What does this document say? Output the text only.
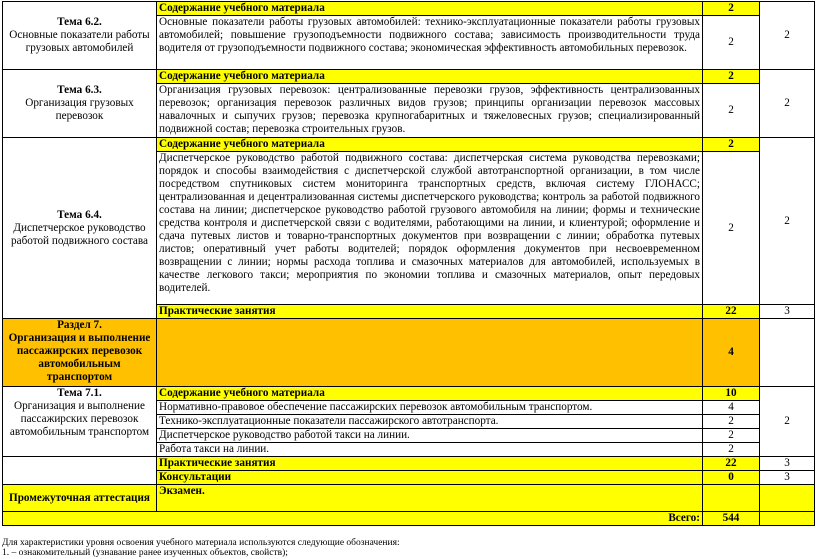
Тема 6.2.
Основные показатели работы грузовых автомобилей	Содержание учебного материала	2	2
	Основные показатели работы грузовых автомобилей: технико-эксплуатационные показатели работы грузовых автомобилей; повышение грузоподъемности подвижного состава; зависимость производительности труда водителя от грузоподъемности подвижного состава; экономическая эффективность автомобильных перевозок.	2	

Тема 6.3.
Организация грузовых перевозок	Содержание учебного материала	2	2
	Организация грузовых перевозок: централизованные перевозки грузов, эффективность централизованных перевозок; организация перевозок различных видов грузов; принципы организации перевозок массовых навалочных и сыпучих грузов; перевозка крупногабаритных и тяжеловесных грузов; специализированный подвижной состав; перевозка строительных грузов.	2	

Тема 6.4.
Диспетчерское руководство работой подвижного состава	Содержание учебного материала	2	2
	Диспетчерское руководство работой подвижного состава: диспетчерская система руководства перевозками; порядок и способы взаимодействия с диспетчерской службой автотранспортной организации, в том числе посредством спутниковых систем мониторинга транспортных средств, включая систему ГЛОНАСС; централизованная и децентрализованная системы диспетчерского руководства; контроль за работой подвижного состава на линии; диспетчерское руководство работой грузового автомобиля на линии; формы и технические средства контроля и диспетчерской связи с водителями, работающими на линии, и клиентурой; оформление и сдача путевых листов и товарно-транспортных документов при возвращении с линии; обработка путевых листов; оперативный учет работы водителей; порядок оформления документов при несвоевременном возвращении с линии; нормы расхода топлива и смазочных материалов для автомобилей, используемых в качестве легкового такси; мероприятия по экономии топлива и смазочных материалов, опыт передовых водителей.	2	
	Практические занятия	22	3
Раздел 7.
Организация и выполнение пассажирских перевозок автомобильным транспортом		4	

Тема 7.1.
Организация и выполнение пассажирских перевозок автомобильным транспортом	Содержание учебного материала	10	2
	Нормативно-правовое обеспечение пассажирских перевозок автомобильным транспортом.	4	
	Технико-эксплуатационные показатели пассажирского автотранспорта.	2	
	Диспетчерское руководство работой такси на линии.	2	
	Работа такси на линии.	2	
	Практические занятия	22	3
	Консультации	0	3
Промежуточная аттестация	Экзамен.		
Всего:		544	
Для характеристики уровня освоения учебного материала используются следующие обозначения:
1. – ознакомительный (узнавание ранее изученных объектов, свойств);
